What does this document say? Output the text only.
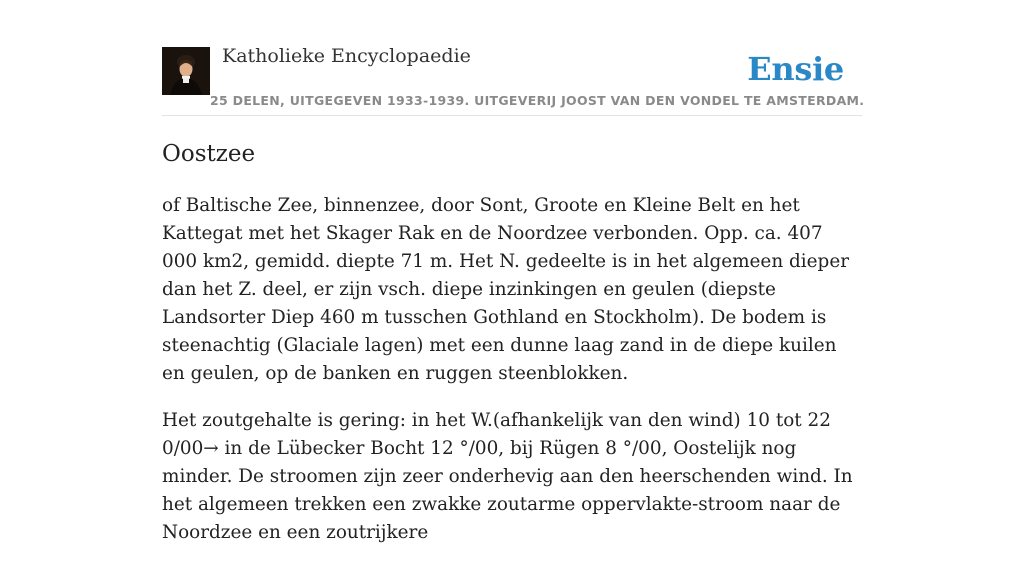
Katholieke Encyclopaedie
25 DELEN, UITGEGEVEN 1933-1939. UITGEVERIJ JOOST VAN DEN VONDEL TE AMSTERDAM.
Ensie
Oostzee

of Baltische Zee, binnenzee, door Sont, Groote en Kleine Belt en het Kattegat met het Skager Rak en de Noordzee verbonden. Opp. ca. 407 000 km2, gemidd. diepte 71 m. Het N. gedeelte is in het algemeen dieper dan het Z. deel, er zijn vsch. diepe inzinkingen en geulen (diepste Landsorter Diep 460 m tusschen Gothland en Stockholm). De bodem is steenachtig (Glaciale lagen) met een dunne laag zand in de diepe kuilen en geulen, op de banken en ruggen steenblokken.

Het zoutgehalte is gering: in het W.(afhankelijk van den wind) 10 tot 22 0/00→ in de Lübecker Bocht 12 °/00, bij Rügen 8 °/00, Oostelijk nog minder. De stroomen zijn zeer onderhevig aan den heerschenden wind. In het algemeen trekken een zwakke zoutarme oppervlakte-stroom naar de Noordzee en een zoutrijkere
